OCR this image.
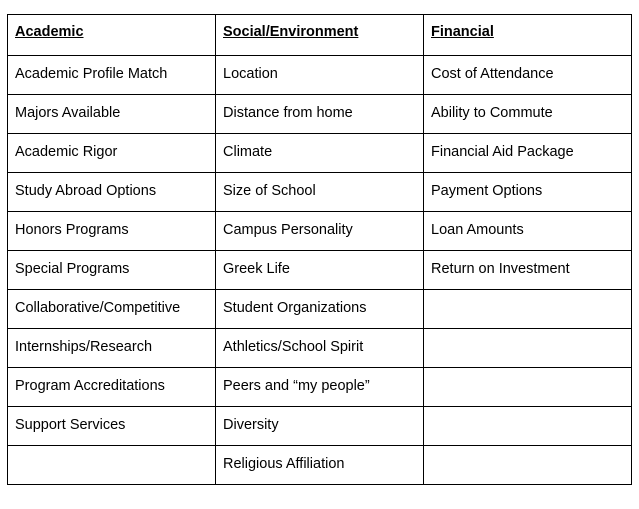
Academic	Social/Environment	Financial
Academic Profile Match	Location	Cost of Attendance
Majors Available	Distance from home	Ability to Commute
Academic Rigor	Climate	Financial Aid Package
Study Abroad Options	Size of School	Payment Options
Honors Programs	Campus Personality	Loan Amounts
Special Programs	Greek Life	Return on Investment
Collaborative/Competitive	Student Organizations	
Internships/Research	Athletics/School Spirit	
Program Accreditations	Peers and “my people”	
Support Services	Diversity	
	Religious Affiliation	
